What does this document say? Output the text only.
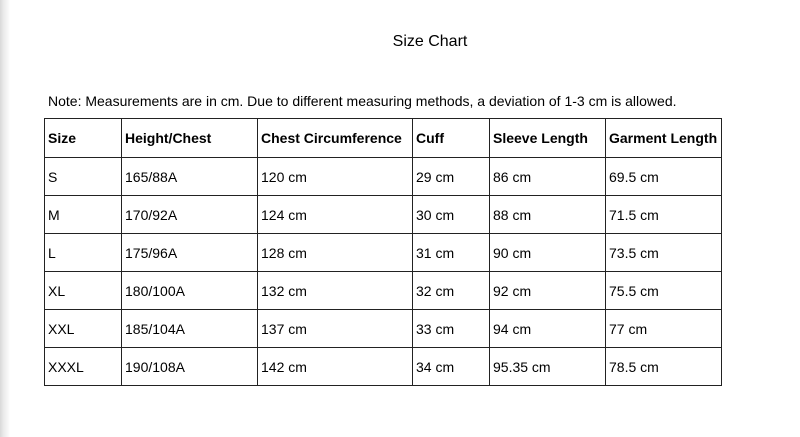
Size Chart
Note: Measurements are in cm. Due to different measuring methods, a deviation of 1-3 cm is allowed.
Size	Height/Chest	Chest Circumference	Cuff	Sleeve Length	Garment Length
S	165/88A	120 cm	29 cm	86 cm	69.5 cm
M	170/92A	124 cm	30 cm	88 cm	71.5 cm
L	175/96A	128 cm	31 cm	90 cm	73.5 cm
XL	180/100A	132 cm	32 cm	92 cm	75.5 cm
XXL	185/104A	137 cm	33 cm	94 cm	77 cm
XXXL	190/108A	142 cm	34 cm	95.35 cm	78.5 cm
